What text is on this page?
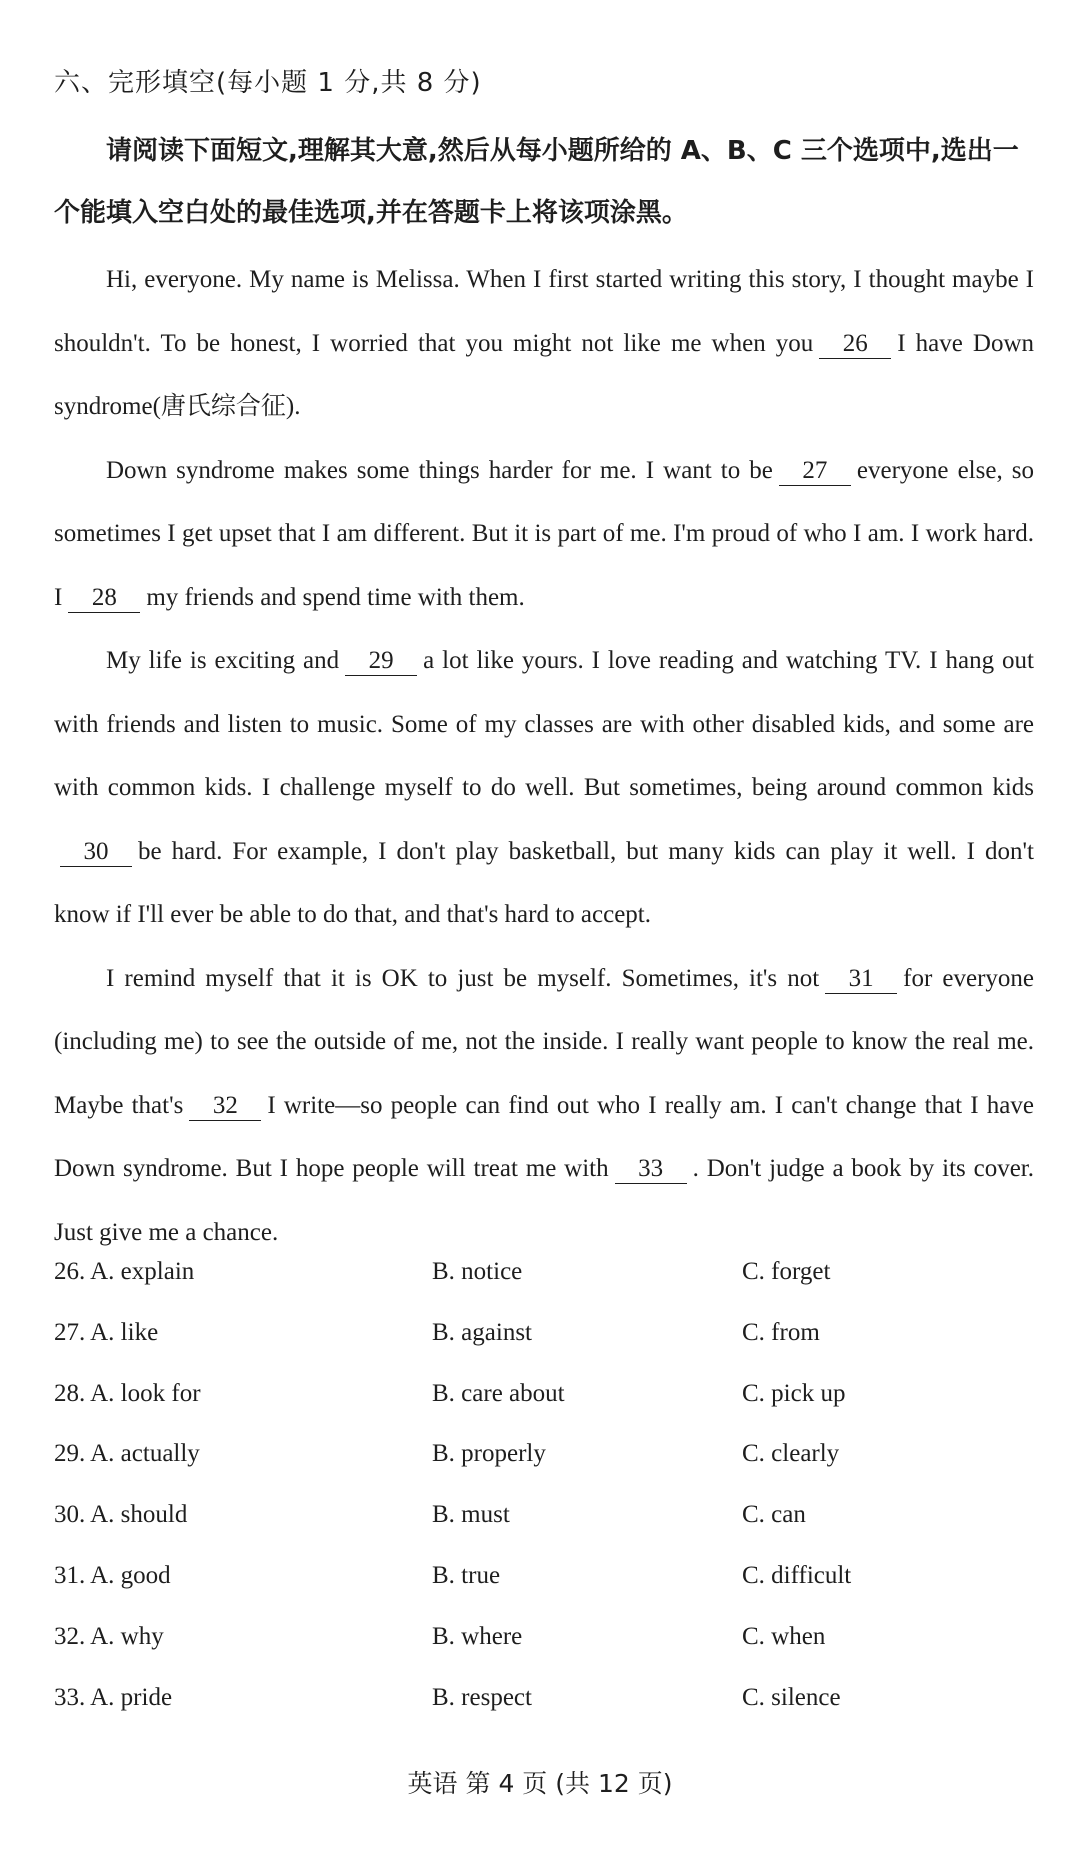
六、完形填空(每小题 1 分,共 8 分)
请阅读下面短文,理解其大意,然后从每小题所给的 A、B、C 三个选项中,选出一个能填入空白处的最佳选项,并在答题卡上将该项涂黑。

Hi, everyone. My name is Melissa. When I first started writing this story, I thought maybe I shouldn't. To be honest, I worried that you might not like me when you 26 I have Down syndrome(唐氏综合征).

Down syndrome makes some things harder for me. I want to be 27 everyone else, so sometimes I get upset that I am different. But it is part of me. I'm proud of who I am. I work hard. I 28 my friends and spend time with them.

My life is exciting and 29 a lot like yours. I love reading and watching TV. I hang out with friends and listen to music. Some of my classes are with other disabled kids, and some are with common kids. I challenge myself to do well. But sometimes, being around common kids30 be hard. For example, I don't play basketball, but many kids can play it well. I don't know if I'll ever be able to do that, and that's hard to accept.

I remind myself that it is OK to just be myself. Sometimes, it's not 31 for everyone (including me) to see the outside of me, not the inside. I really want people to know the real me. Maybe that's 32 I write—so people can find out who I really am. I can't change that I have Down syndrome. But I hope people will treat me with 33 . Don't judge a book by its cover. Just give me a chance.

26. A. explain	B. notice	C. forget
27. A. like	B. against	C. from
28. A. look for	B. care about	C. pick up
29. A. actually	B. properly	C. clearly
30. A. should	B. must	C. can
31. A. good	B. true	C. difficult
32. A. why	B. where	C. when
33. A. pride	B. respect	C. silence
英语 第 4 页 (共 12 页)
